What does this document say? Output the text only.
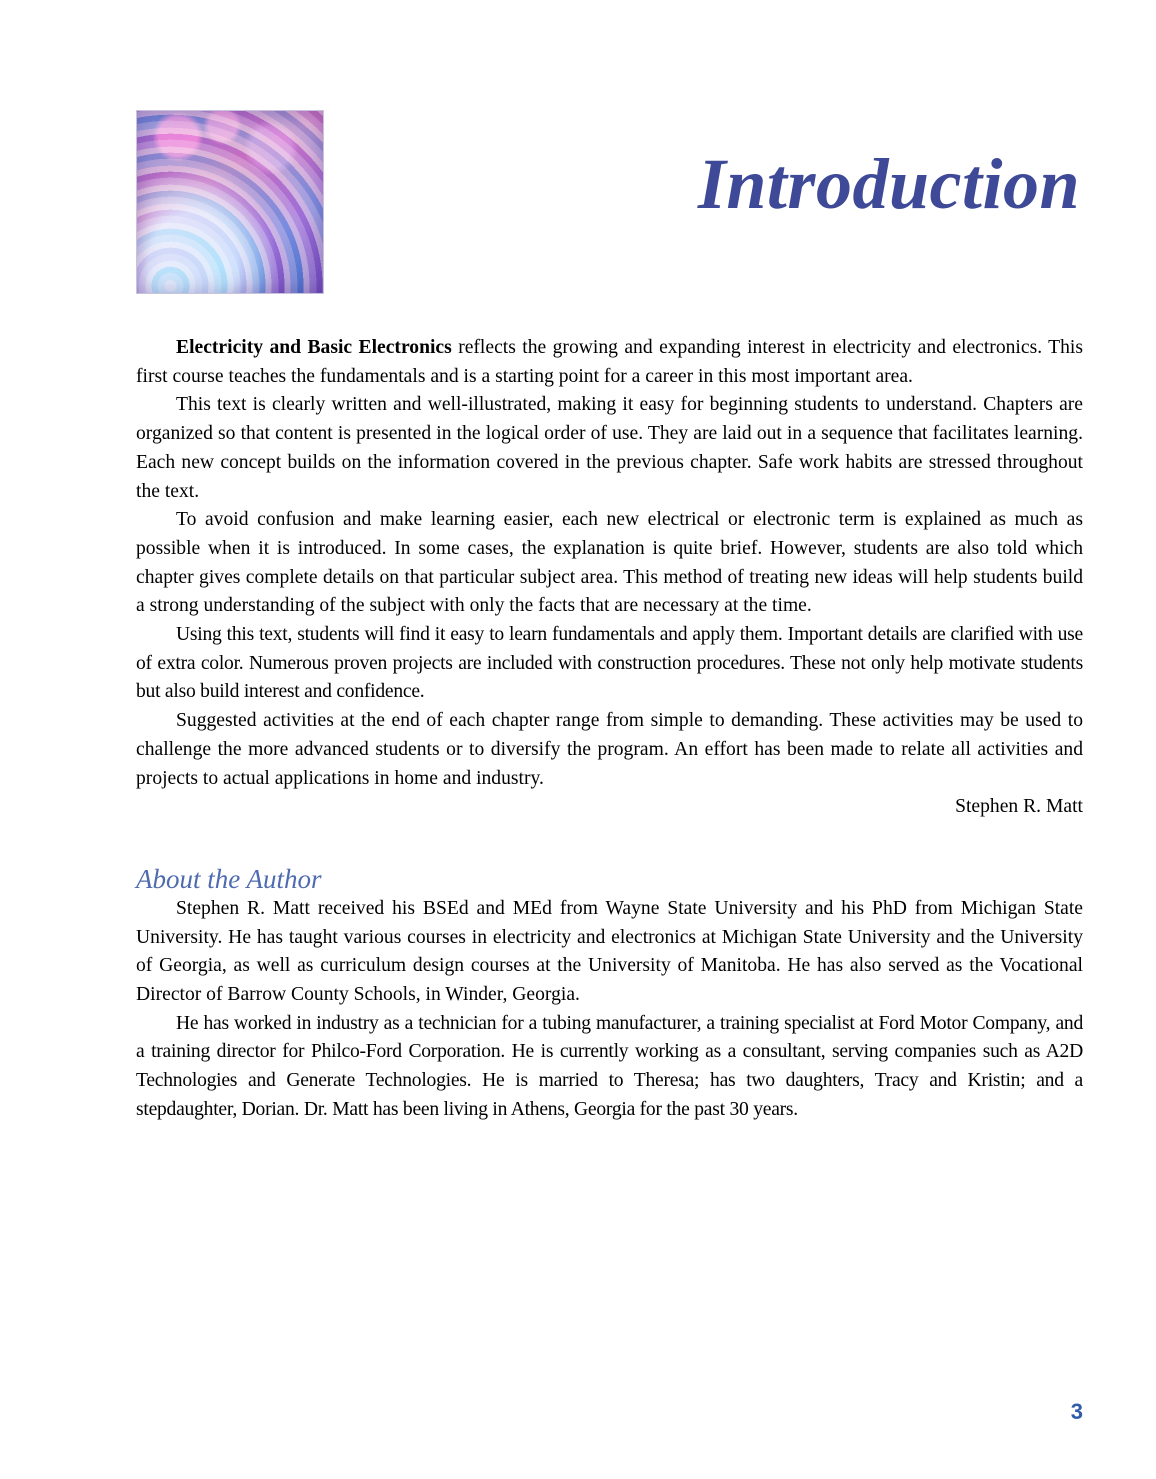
Introduction

Electricity and Basic Electronics reflects the growing and expanding interest in electricity and electronics. This first course teaches the fundamentals and is a starting point for a career in this most important area.

This text is clearly written and well-illustrated, making it easy for beginning students to understand. Chapters are organized so that content is presented in the logical order of use. They are laid out in a sequence that facilitates learning. Each new concept builds on the information covered in the previous chapter. Safe work habits are stressed throughout the text.

To avoid confusion and make learning easier, each new electrical or electronic term is explained as much as possible when it is introduced. In some cases, the explanation is quite brief. However, students are also told which chapter gives complete details on that particular subject area. This method of treating new ideas will help students build a strong understanding of the subject with only the facts that are necessary at the time.

Using this text, students will find it easy to learn fundamentals and apply them. Important details are clarified with use of extra color. Numerous proven projects are included with construction procedures. These not only help motivate students but also build interest and confidence.

Suggested activities at the end of each chapter range from simple to demanding. These activities may be used to challenge the more advanced students or to diversify the program. An effort has been made to relate all activities and projects to actual applications in home and industry.

Stephen R. Matt

About the Author

Stephen R. Matt received his BSEd and MEd from Wayne State University and his PhD from Michigan State University. He has taught various courses in electricity and electronics at Michigan State University and the University of Georgia, as well as curriculum design courses at the University of Manitoba. He has also served as the Vocational Director of Barrow County Schools, in Winder, Georgia.

He has worked in industry as a technician for a tubing manufacturer, a training specialist at Ford Motor Company, and a training director for Philco-Ford Corporation. He is currently working as a consultant, serving companies such as A2D Technologies and Generate Technologies. He is married to Theresa; has two daughters, Tracy and Kristin; and a stepdaughter, Dorian. Dr. Matt has been living in Athens, Georgia for the past 30 years.

3
